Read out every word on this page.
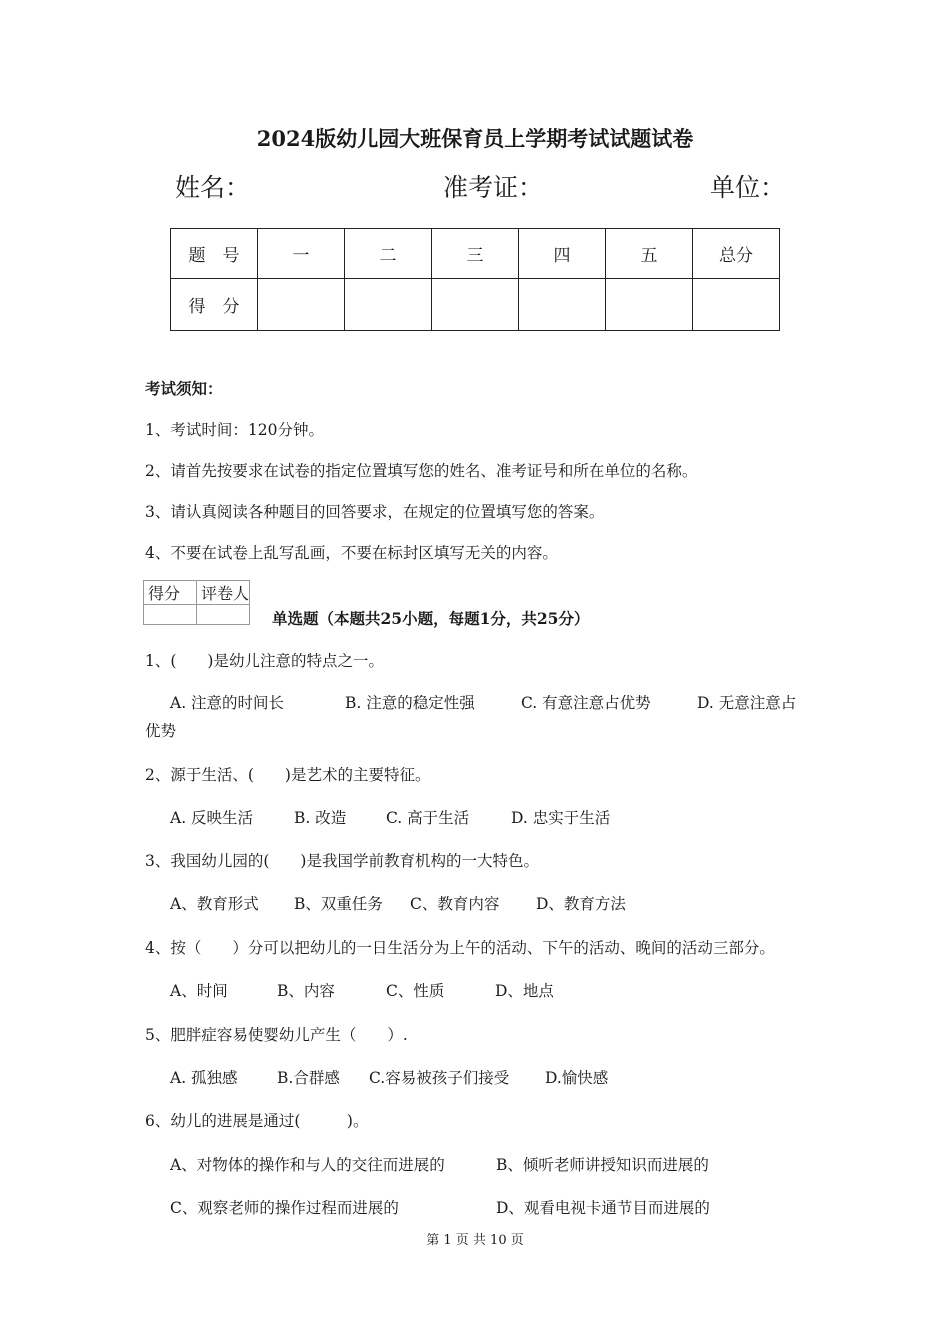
2024版幼儿园大班保育员上学期考试试题试卷
姓名：	准考证：	单位：
题　号	一	二	三	四	五	总分
得　分						
考试须知：
1、考试时间：120分钟。
2、请首先按要求在试卷的指定位置填写您的姓名、准考证号和所在单位的名称。
3、请认真阅读各种题目的回答要求，在规定的位置填写您的答案。
4、不要在试卷上乱写乱画，不要在标封区填写无关的内容。
得分	评卷人

单选题（本题共25小题，每题1分，共25分）
1、(　　)是幼儿注意的特点之一。
A. 注意的时间长	B. 注意的稳定性强	C. 有意注意占优势	D. 无意注意占
优势
2、源于生活、(　　)是艺术的主要特征。
A. 反映生活	B. 改造	C. 高于生活	D. 忠实于生活
3、我国幼儿园的(　　)是我国学前教育机构的一大特色。
A、教育形式 B、双重任务 C、教育内容 D、教育方法
4、按（　　）分可以把幼儿的一日生活分为上午的活动、下午的活动、晚间的活动三部分。
A、时间	B、内容	C、性质	D、地点
5、肥胖症容易使婴幼儿产生（　　）.
A. 孤独感	B.合群感 C.容易被孩子们接受 D.愉快感
6、幼儿的进展是通过(　　　)。
A、对物体的操作和与人的交往而进展的	B、倾听老师讲授知识而进展的
C、观察老师的操作过程而进展的	D、观看电视卡通节目而进展的
第 1 页 共 10 页
